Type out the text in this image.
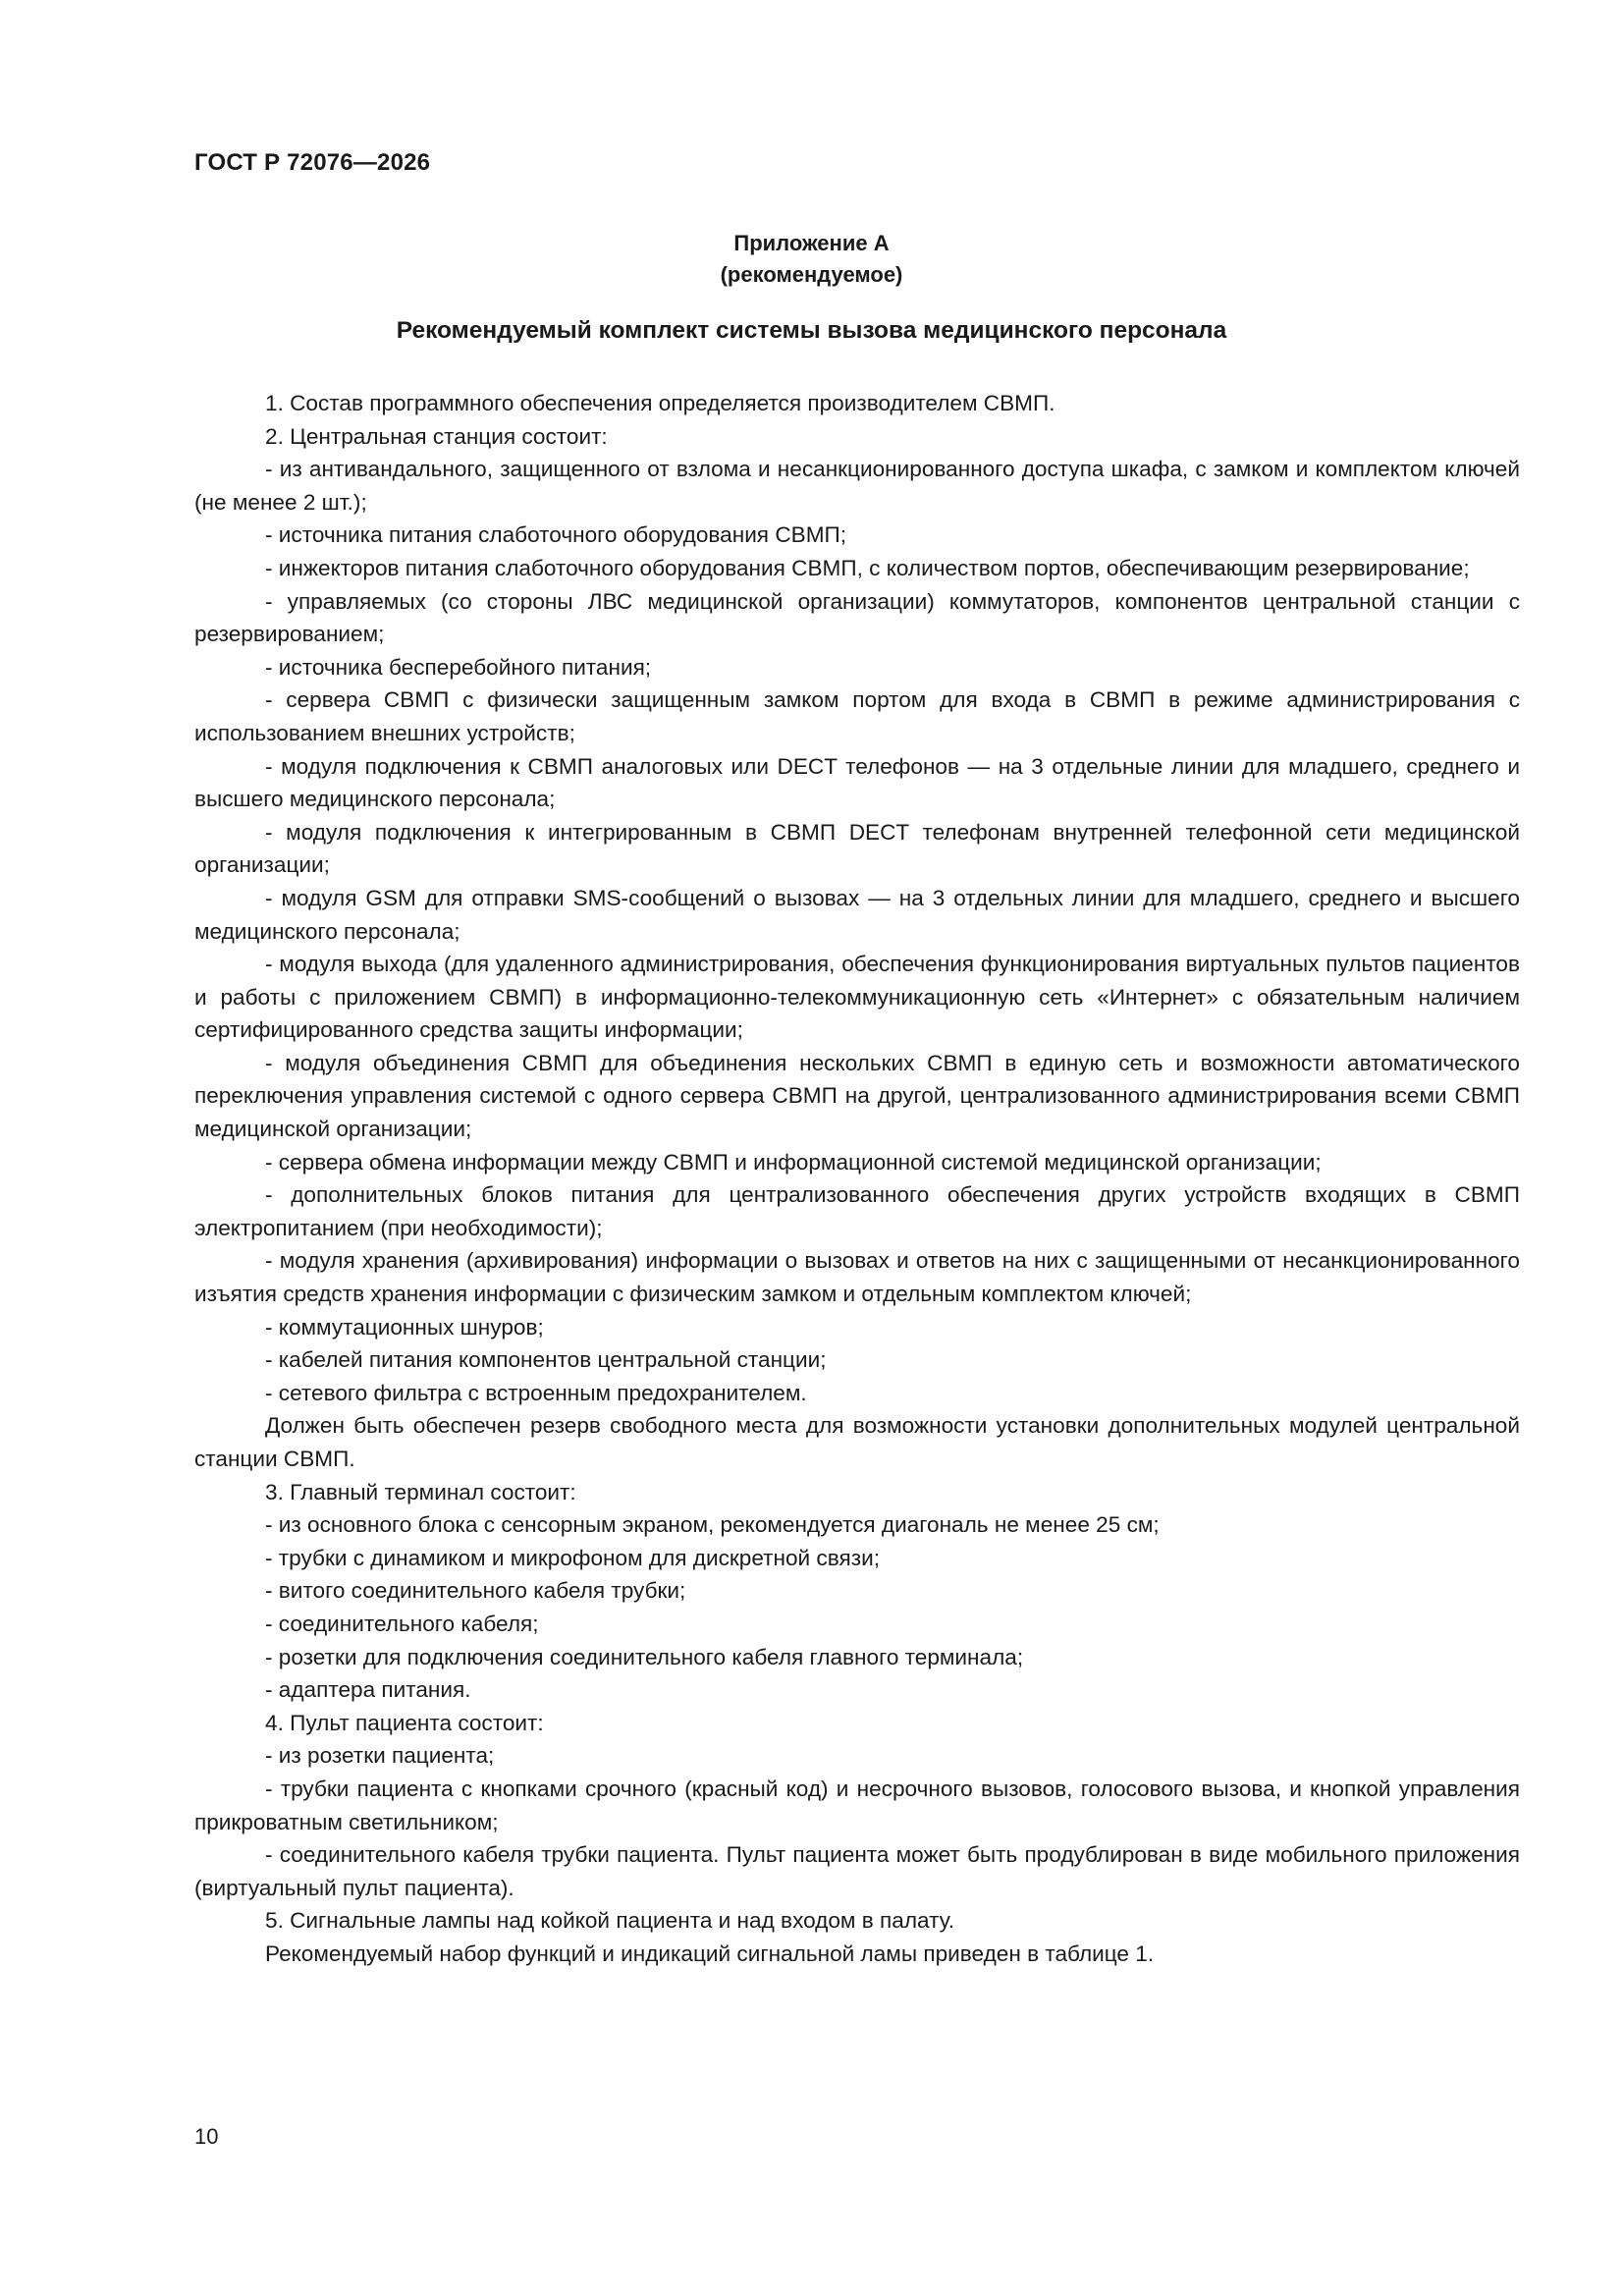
ГОСТ Р 72076—2026
Приложение А
(рекомендуемое)
Рекомендуемый комплект системы вызова медицинского персонала

1. Состав программного обеспечения определяется производителем СВМП.

2. Центральная станция состоит:

- из антивандального, защищенного от взлома и несанкционированного доступа шкафа, с замком и комплектом ключей (не менее 2 шт.);

- источника питания слаботочного оборудования СВМП;

- инжекторов питания слаботочного оборудования СВМП, с количеством портов, обеспечивающим резервирование;

- управляемых (со стороны ЛВС медицинской организации) коммутаторов, компонентов центральной станции с резервированием;

- источника бесперебойного питания;

- сервера СВМП с физически защищенным замком портом для входа в СВМП в режиме администрирования с использованием внешних устройств;

- модуля подключения к СВМП аналоговых или DECT телефонов — на 3 отдельные линии для младшего, среднего и высшего медицинского персонала;

- модуля подключения к интегрированным в СВМП DECT телефонам внутренней телефонной сети медицинской организации;

- модуля GSM для отправки SMS-сообщений о вызовах — на 3 отдельных линии для младшего, среднего и высшего медицинского персонала;

- модуля выхода (для удаленного администрирования, обеспечения функционирования виртуальных пультов пациентов и работы с приложением СВМП) в информационно-телекоммуникационную сеть «Интернет» с обязательным наличием сертифицированного средства защиты информации;

- модуля объединения СВМП для объединения нескольких СВМП в единую сеть и возможности автоматического переключения управления системой с одного сервера СВМП на другой, централизованного администрирования всеми СВМП медицинской организации;

- сервера обмена информации между СВМП и информационной системой медицинской организации;

- дополнительных блоков питания для централизованного обеспечения других устройств входящих в СВМП электропитанием (при необходимости);

- модуля хранения (архивирования) информации о вызовах и ответов на них с защищенными от несанкционированного изъятия средств хранения информации с физическим замком и отдельным комплектом ключей;

- коммутационных шнуров;

- кабелей питания компонентов центральной станции;

- сетевого фильтра с встроенным предохранителем.

Должен быть обеспечен резерв свободного места для возможности установки дополнительных модулей центральной станции СВМП.

3. Главный терминал состоит:

- из основного блока с сенсорным экраном, рекомендуется диагональ не менее 25 см;

- трубки с динамиком и микрофоном для дискретной связи;

- витого соединительного кабеля трубки;

- соединительного кабеля;

- розетки для подключения соединительного кабеля главного терминала;

- адаптера питания.

4. Пульт пациента состоит:

- из розетки пациента;

- трубки пациента с кнопками срочного (красный код) и несрочного вызовов, голосового вызова, и кнопкой управления прикроватным светильником;

- соединительного кабеля трубки пациента. Пульт пациента может быть продублирован в виде мобильного приложения (виртуальный пульт пациента).

5. Сигнальные лампы над койкой пациента и над входом в палату.

Рекомендуемый набор функций и индикаций сигнальной ламы приведен в таблице 1.

10
